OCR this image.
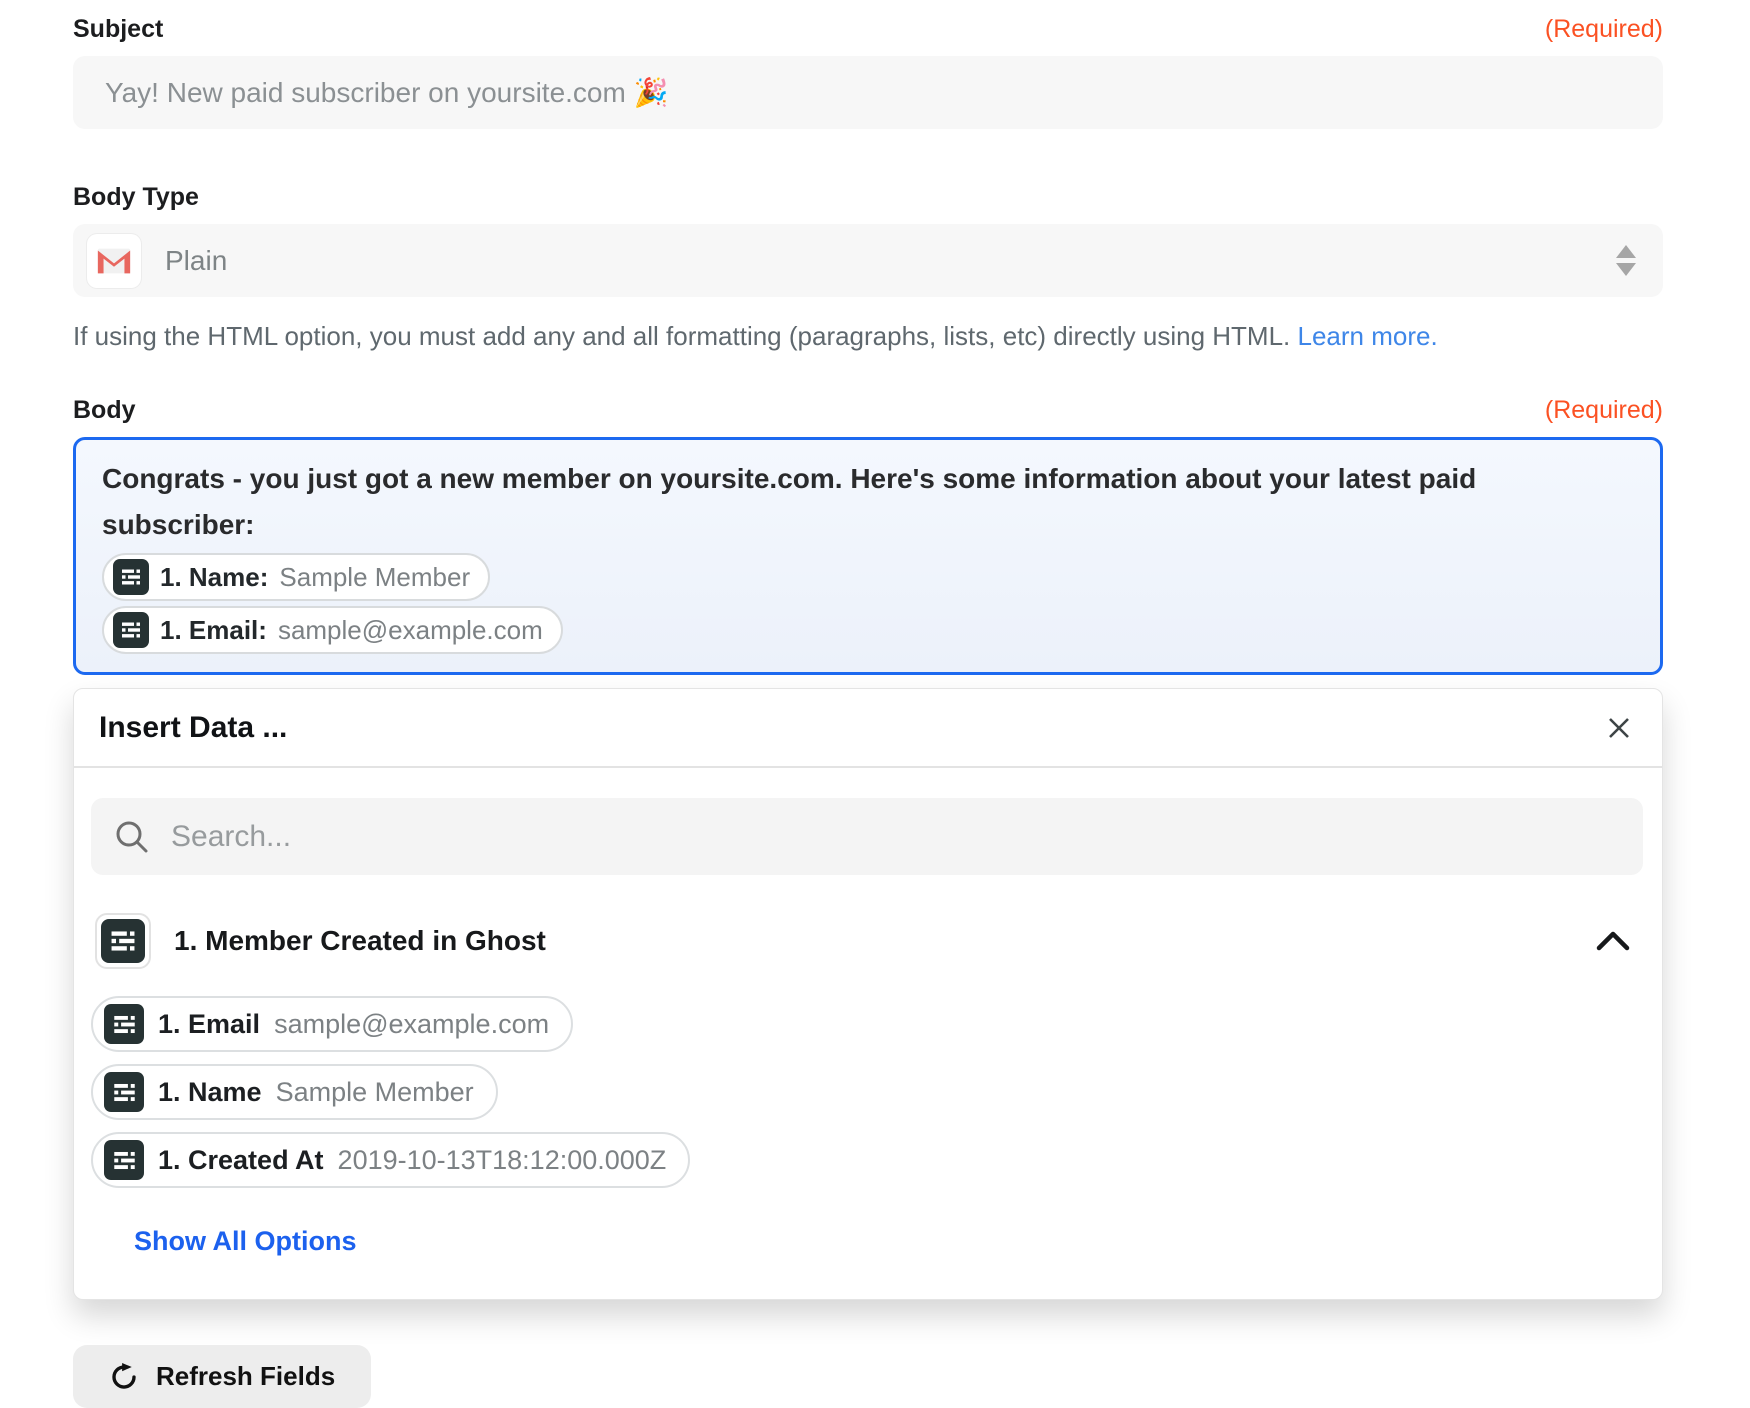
Subject	(Required)
Yay! New paid subscriber on yoursite.com 🎉
Body Type
Plain
If using the HTML option, you must add any and all formatting (paragraphs, lists, etc) directly using HTML. Learn more.
Body	(Required)
Congrats - you just got a new member on yoursite.com. Here's some information about your latest paid subscriber:
1. Name: Sample Member
1. Email: sample@example.com
Insert Data ...
Search...
1. Member Created in Ghost
1. Email sample@example.com
1. Name Sample Member
1. Created At 2019-10-13T18:12:00.000Z
Show All Options
Refresh Fields
